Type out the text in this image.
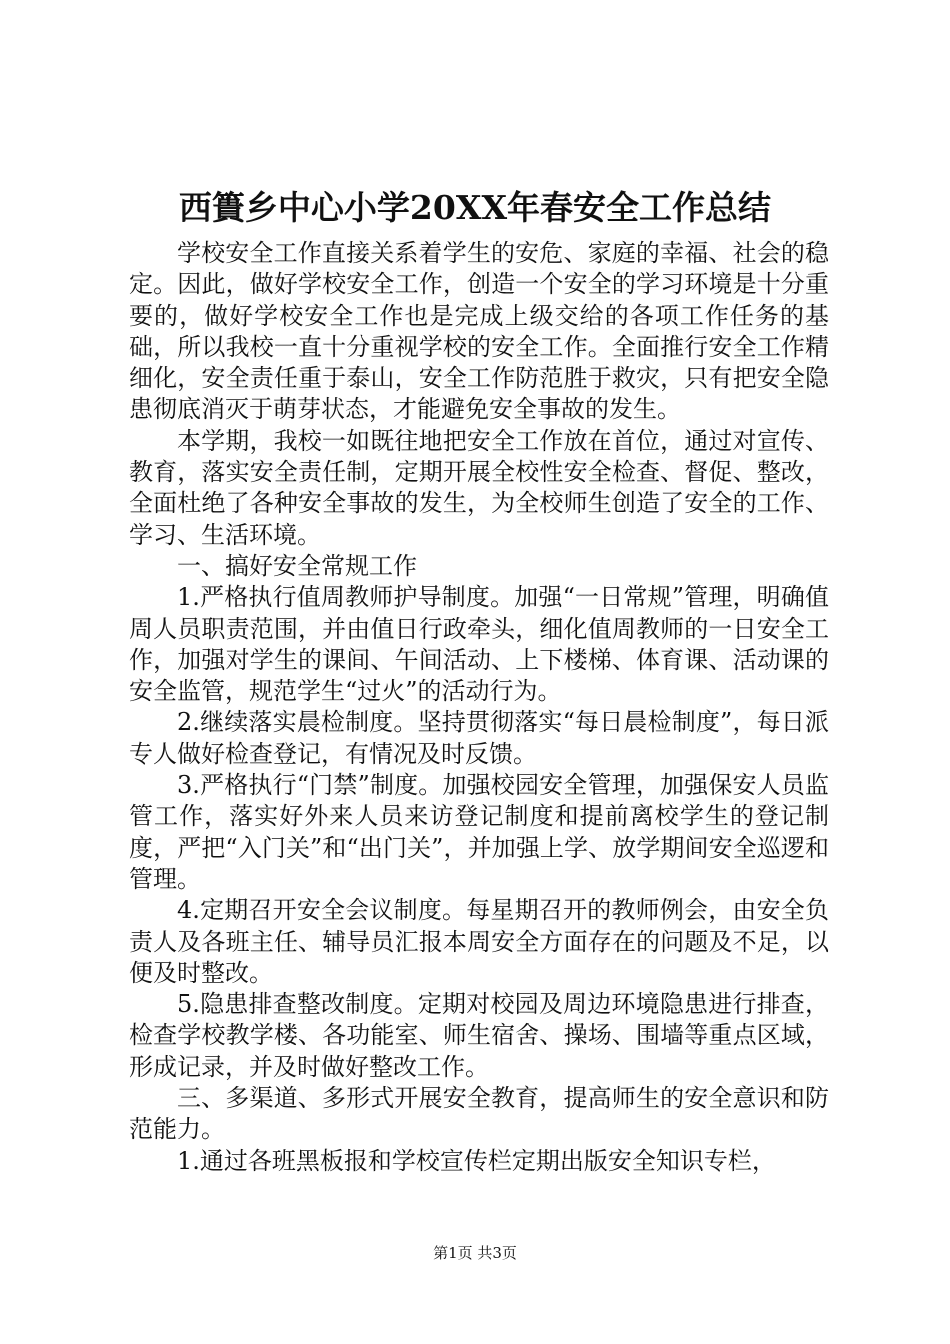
西簣乡中心小学20XX年春安全工作总结

学校安全工作直接关系着学生的安危、家庭的幸福、社会的稳定。因此，做好学校安全工作，创造一个安全的学习环境是十分重要的，做好学校安全工作也是完成上级交给的各项工作任务的基础，所以我校一直十分重视学校的安全工作。全面推行安全工作精细化，安全责任重于泰山，安全工作防范胜于救灾，只有把安全隐患彻底消灭于萌芽状态，才能避免安全事故的发生。

本学期，我校一如既往地把安全工作放在首位，通过对宣传、教育，落实安全责任制，定期开展全校性安全检查、督促、整改，全面杜绝了各种安全事故的发生，为全校师生创造了安全的工作、学习、生活环境。

一、搞好安全常规工作

1.严格执行值周教师护导制度。加强“一日常规”管理，明确值周人员职责范围，并由值日行政牵头，细化值周教师的一日安全工作，加强对学生的课间、午间活动、上下楼梯、体育课、活动课的安全监管，规范学生“过火”的活动行为。

2.继续落实晨检制度。坚持贯彻落实“每日晨检制度”，每日派专人做好检查登记，有情况及时反馈。

3.严格执行“门禁”制度。加强校园安全管理，加强保安人员监管工作，落实好外来人员来访登记制度和提前离校学生的登记制度，严把“入门关”和“出门关”，并加强上学、放学期间安全巡逻和管理。

4.定期召开安全会议制度。每星期召开的教师例会，由安全负责人及各班主任、辅导员汇报本周安全方面存在的问题及不足，以便及时整改。

5.隐患排查整改制度。定期对校园及周边环境隐患进行排查，检查学校教学楼、各功能室、师生宿舍、操场、围墙等重点区域，形成记录，并及时做好整改工作。

三、多渠道、多形式开展安全教育，提高师生的安全意识和防范能力。

1.通过各班黑板报和学校宣传栏定期出版安全知识专栏，

第1页 共3页
